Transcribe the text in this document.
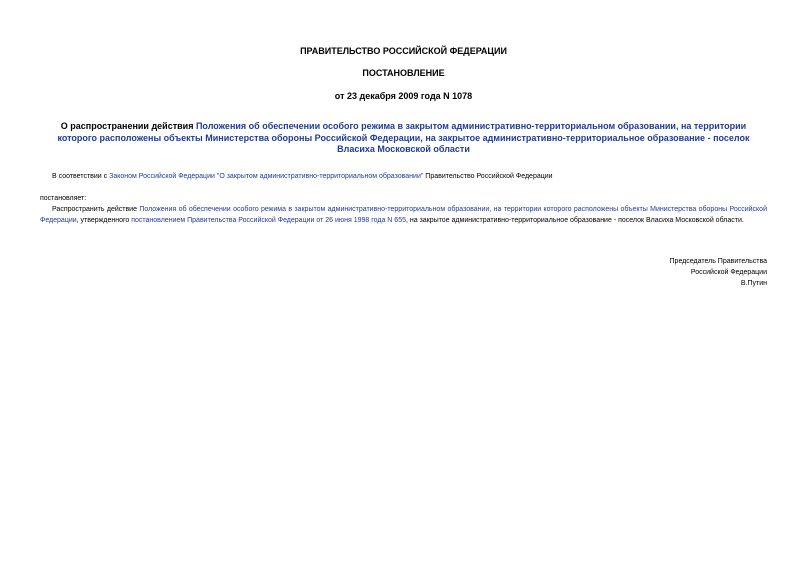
ПРАВИТЕЛЬСТВО РОССИЙСКОЙ ФЕДЕРАЦИИ
ПОСТАНОВЛЕНИЕ
от 23 декабря 2009 года N 1078
О распространении действия Положения об обеспечении особого режима в закрытом административно-территориальном образовании, на территории которого расположены объекты Министерства обороны Российской Федерации, на закрытое административно-территориальное образование - поселок Власиха Московской области
В соответствии с Законом Российской Федерации "О закрытом административно-территориальном образовании" Правительство Российской Федерации
постановляет:
Распространить действие Положения об обеспечении особого режима в закрытом административно-территориальном образовании, на территории которого расположены объекты Министерства обороны Российской Федерации, утвержденного постановлением Правительства Российской Федерации от 26 июня 1998 года N 655, на закрытое административно-территориальное образование - поселок Власиха Московской области.
Председатель Правительства
Российской Федерации
В.Путин
